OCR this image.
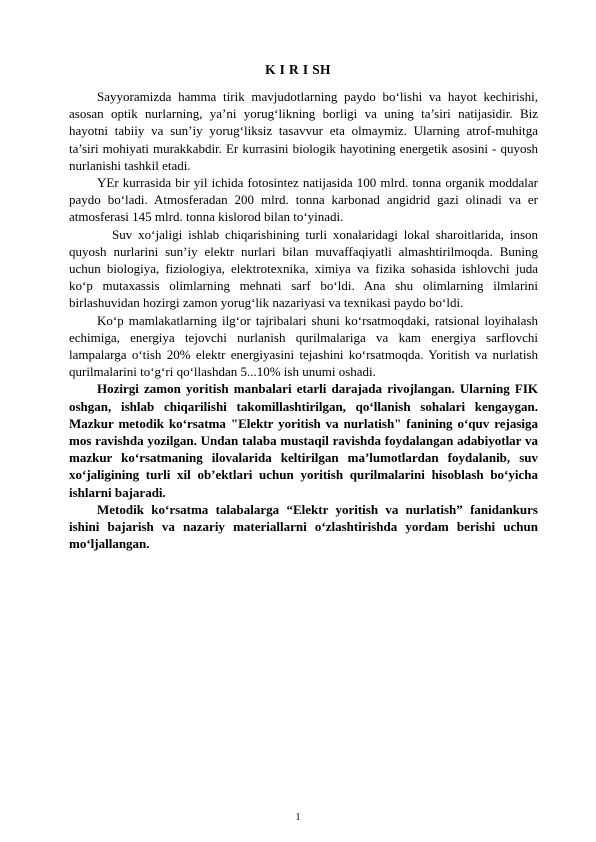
K I R I SH

Sayyoramizda hamma tirik mavjudotlarning paydo bo‘lishi va hayot kechirishi, asosan optik nurlarning, ya’ni yorug‘likning borligi va uning ta’siri natijasidir. Biz hayotni tabiiy va sun’iy yorug‘liksiz tasavvur eta olmaymiz. Ularning atrof-muhitga ta’siri mohiyati murakkabdir. Er kurrasini biologik hayotining energetik asosini - quyosh nurlanishi tashkil etadi.

YEr kurrasida bir yil ichida fotosintez natijasida 100 mlrd. tonna organik moddalar paydo bo‘ladi. Atmosferadan 200 mlrd. tonna karbonad angidrid gazi olinadi va er atmosferasi 145 mlrd. tonna kislorod bilan to‘yinadi.

Suv xo‘jaligi ishlab chiqarishining turli xonalaridagi lokal sharoitlarida, inson quyosh nurlarini sun’iy elektr nurlari bilan muvaffaqiyatli almashtirilmoqda. Buning uchun biologiya, fiziologiya, elektrotexnika, ximiya va fizika sohasida ishlovchi juda ko‘p mutaxassis olimlarning mehnati sarf bo‘ldi. Ana shu olimlarning ilmlarini birlashuvidan hozirgi zamon yorug‘lik nazariyasi va texnikasi paydo bo‘ldi.

Ko‘p mamlakatlarning ilg‘or tajribalari shuni ko‘rsatmoqdaki, ratsional loyihalash echimiga, energiya tejovchi nurlanish qurilmalariga va kam energiya sarflovchi lampalarga o‘tish 20% elektr energiyasini tejashini ko‘rsatmoqda. Yoritish va nurlatish qurilmalarini to‘g‘ri qo‘llashdan 5...10% ish unumi oshadi.

Hozirgi zamon yoritish manbalari etarli darajada rivojlangan. Ularning FIK oshgan, ishlab chiqarilishi takomillashtirilgan, qo‘llanish sohalari kengaygan. Mazkur metodik ko‘rsatma "Elektr yoritish va nurlatish" fanining o‘quv rejasiga mos ravishda yozilgan. Undan talaba mustaqil ravishda foydalangan adabiyotlar va mazkur ko‘rsatmaning ilovalarida keltirilgan ma’lumotlardan foydalanib, suv xo‘jaligining turli xil ob’ektlari uchun yoritish qurilmalarini hisoblash bo‘yicha ishlarni bajaradi.

Metodik ko‘rsatma talabalarga “Elektr yoritish va nurlatish” fanidankurs ishini bajarish va nazariy materiallarni o‘zlashtirishda yordam berishi uchun mo‘ljallangan.

1
